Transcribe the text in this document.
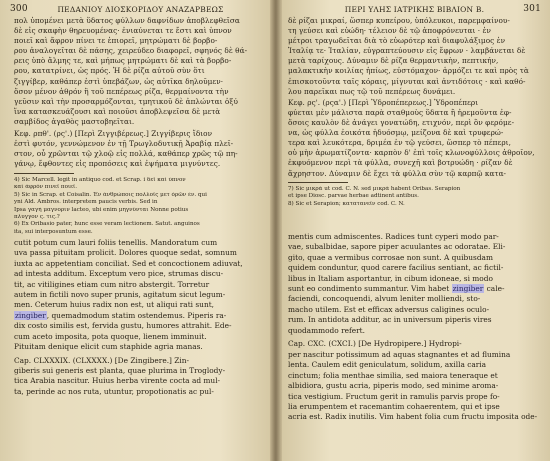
300	ΠΕΔΑΝΙΟΥ ΔΙΟΣΚΟΡΙΔΟΥ ΑΝΑΖΑΡΒΕΩΣ
πολ ὑπομένει μετὰ ὕδατος φύλλων δαφνίδων ἀποβλεφθεῖσα
δὲ εἰς σκαφὴν θηρευομένας· ἐνιαύνεται τε ἔστι καὶ ὑπνον
ποιεῖ καὶ ἄφρον πίνει τε ἐπιορεῖ, μητρώματι δὲ βορβο-
ρου ἀναλογεῖται δὲ πάσης, χειρεύδεο διαφορεῖ, σφηνός δὲ θά-
ρεις ὑπὸ ἄλμης τε, καὶ μήπως μητρώματι δὲ καὶ τὰ βορβο-
ρου, κατατρίνει, ὡς πρός. Ἡ δὲ ρίζα αὐτοῦ σὺν ὅτι
ζιγγίβερ, καθάπερ ἐστὶ ὑπεβάζων, ὡς αὐτῖκα δηλοῦμεν·
ὅσον μένον ἀθρόν ἢ τοῦ πεπέρεως ρίζα, θερμαίνοντα τὴν
γεῦσιν καὶ τὴν προσαρμόζονται, τμητικοῦ δὲ ἀπλώνται ὀξύ
ἵνα κατασκευάζουσι καὶ ποιοῦσι ἀποβλεψεῖσα δὲ μετὰ
σαμβίδος ἀγαθὸς μαστοβηεῖται.
Κεφ. ρπθ'. (ρς'.) [Περὶ Ζιγγιβέρεως.] Ζιγγίβερις ἴδιον
ἐστὶ φυτόν, γεννώμενον ἐν τῇ Τρωγλοδυτικῇ Ἀραβίᾳ πλεῖ-
στον, οὗ χρῶνται τῷ χλοῷ εἰς πολλά, καθάπερ χρῶς τῷ πη-
γάνῳ, ἔφθοντες εἰς προπόσεις καὶ ἐψήματα μιγνύντες.
4) Sic Marcell. legit in antiquo cod. et Scrap. i δεῖ καὶ ὑπνον
καὶ ἀφρόν πινεῖ ποιεῖ.
5) Sic in Scrap. et Coisalin. Ἐν ἀνθρώποις πολλοῖς μετ ὀρῶν ἐν. qui
yni Ald. Ambros. interpretem paucis verbis. Sed in
Ipsa γαγὴ μαγνοριν lacteo, ubi enim μηγνύνται Nonne potius
πλυγγον ς. τις.?
6) Ex Oribasio pater, hunc esse veram lectionem. Satut. anguinos
ita, sui interposuntum esse.
cutit potum cum lauri foliis tenellis. Mandoratum cum
uva passa pituitam prolicit. Dolores quoque sedat, somnum
iuxta ac appetentiam conciliat. Sed et concoctionem adiuvat,
ad intesta additum. Exceptum vero pice, strumas discu-
tit, ac vitiligines etiam cum nitro abstergit. Torretur
autem in fictili novo super prunis, agitatum sicut legum-
men. Ceterum huius radix non est, ut aliqui rati sunt,
zingiber, quemadmodum statim ostendemus. Piperis ra-
dix costo similis est, fervida gustu, humores attrahit. Ede-
cum aceto imposita, pota quoque, lienem imminuit.
Pituitam denique elicit cum staphide agria manas.
Cap. CLXXXIX. (CLXXXX.) [De Zingibere.] Zin-
giberis sui generis est planta, quae plurima in Troglody-
tica Arabia nascitur. Huius herba virente cocta ad mul-
ta, perinde ac nos ruta, utuntur, propotionatis ac pul-
ΠΕΡΙ ΥΛΗΣ ΙΑΤΡΙΚΗΣ ΒΙΒΛΙΟΝ Β.	301
δὲ ρίζαι μικραί, ὥσπερ κυπείρου, ὑπόλευκοι, παρεμφαίνου-
τη γεύσει καὶ εὐώδη· τέλειον δὲ τῷ ἀποφρόνευται · ἐν
μέτροι τραγωδεῖται διὰ τὸ εὐωρότερ καὶ διαφυλάξιμος ἐν
Ἰταλίᾳ τε· Ἰταλίαν, εὐγραπτεύουσιν εἰς ἔφρων · λαμβάνεται δὲ
μετὰ ταρίχους. Δύναμιν δὲ ρίζα θερμαντικὴν, πεπτικήν,
μαλακτικὴν κοιλίας ἠπίως, εὐστόμαχον· ἁρμόζει τε καὶ πρὸς τὰ
ἐπισκοτοῦντα ταῖς κόραις, μίγνυται καὶ ἀντιδότοις · καὶ καθό-
λου παρεῖκαι πως τῷ τοῦ πεπέρεως δυνάμει.
Κεφ. ρς'. (ρςα'.) [Περὶ Ὑδροπέπερεως.] Ὑδροπέπερι
φύεται μὲν μάλιστα παρὰ σταθμοὺς ὕδατα ἢ ἠρεμοῦντα ἐφ-
ὅσοις καυλὸν δὲ ἀνάγει γονατώδη, ετιχνόν, περὶ ὃν φερόμε-
να, ὡς φύλλα ἐοικότα ἡδυόσμῳ, μείζονα δὲ καὶ τρυφερώ-
τερα καὶ λευκότερα, δριμέα ἐν τῷ γεύσει, ὥσπερ τὸ πέπερι,
οὐ μὴν ἀρωματίζοντα· καρπὸν δ' ἐπὶ τοῖς κλωνοφύλλοις ἀθροῖον,
ἐκφυόμενον περὶ τὰ φύλλα, συνεχῆ καὶ βοτρυώδη · ρίζαν δὲ
ἄχρηστον. Δύναμιν δὲ ἔχει τὰ φύλλα σὺν τῷ καρπῷ κατα-
7) Sic μικρά ut cod. C. N. sed μικρὰ habent Oribas. Serapion
et ipse Diosc. parvae herbae adtinent antibus.
8) Sic et Serapion; κατατανεῖν cod. C. N.
mentis cum admiscentes. Radices tunt cyperi modo par-
vae, subalbidae, sapore piper acuulantes ac odoratae. Eli-
gito, quae a vermibus corrosae non sunt. A quibusdam
quidem conduntur, quod carere facilius sentiant, ac fictil-
libus in Italiam asportantur, in cibum idoneae, si modo
sunt eo condimento summantur. Vim habet zingiber cale-
faciendi, concoquendi, alvum leniter molliendi, sto-
macho utilem. Est et efficax adversus caligines oculo-
rum. In antidota additur, ac in universum piperis vires
quodammodo refert.
Cap. CXC. (CXCI.) [De Hydropipere.] Hydropi-
per nascitur potissimum ad aquas stagnantes et ad flumina
lenta. Caulem edit geniculatum, solidum, axilla caria
cinctum; folia menthae similia, sed maiora teneraque et
albidiora, gustu acria, piperis modo, sed minime aroma-
tica vestigium. Fructum gerit in ramulis parvis prope fo-
lia erumpentem et racemantim cohaerentem, qui et ipse
acria est. Radix inutilis. Vim habent folia cum fructu imposita ode-
